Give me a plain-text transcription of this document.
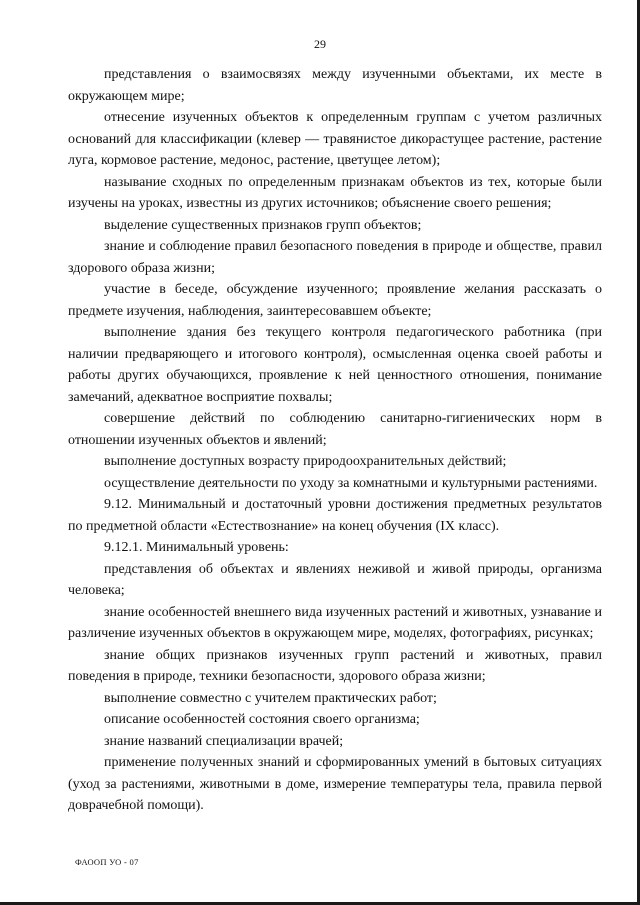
29

представления о взаимосвязях между изученными объектами, их месте в окружающем мире;

отнесение изученных объектов к определенным группам с учетом различных оснований для классификации (клевер — травянистое дикорастущее растение, растение луга, кормовое растение, медонос, растение, цветущее летом);

называние сходных по определенным признакам объектов из тех, которые были изучены на уроках, известны из других источников; объяснение своего решения;

выделение существенных признаков групп объектов;

знание и соблюдение правил безопасного поведения в природе и обществе, правил здорового образа жизни;

участие в беседе, обсуждение изученного; проявление желания рассказать о предмете изучения, наблюдения, заинтересовавшем объекте;

выполнение здания без текущего контроля педагогического работника (при наличии предваряющего и итогового контроля), осмысленная оценка своей работы и работы других обучающихся, проявление к ней ценностного отношения, понимание замечаний, адекватное восприятие похвалы;

совершение действий по соблюдению санитарно-гигиенических норм в отношении изученных объектов и явлений;

выполнение доступных возрасту природоохранительных действий;

осуществление деятельности по уходу за комнатными и культурными растениями.

9.12. Минимальный и достаточный уровни достижения предметных результатов по предметной области «Естествознание» на конец обучения (IX класс).

9.12.1. Минимальный уровень:

представления об объектах и явлениях неживой и живой природы, организма человека;

знание особенностей внешнего вида изученных растений и животных, узнавание и различение изученных объектов в окружающем мире, моделях, фотографиях, рисунках;

знание общих признаков изученных групп растений и животных, правил поведения в природе, техники безопасности, здорового образа жизни;

выполнение совместно с учителем практических работ;

описание особенностей состояния своего организма;

знание названий специализации врачей;

применение полученных знаний и сформированных умений в бытовых ситуациях (уход за растениями, животными в доме, измерение температуры тела, правила первой доврачебной помощи).

ФАООП УО - 07
